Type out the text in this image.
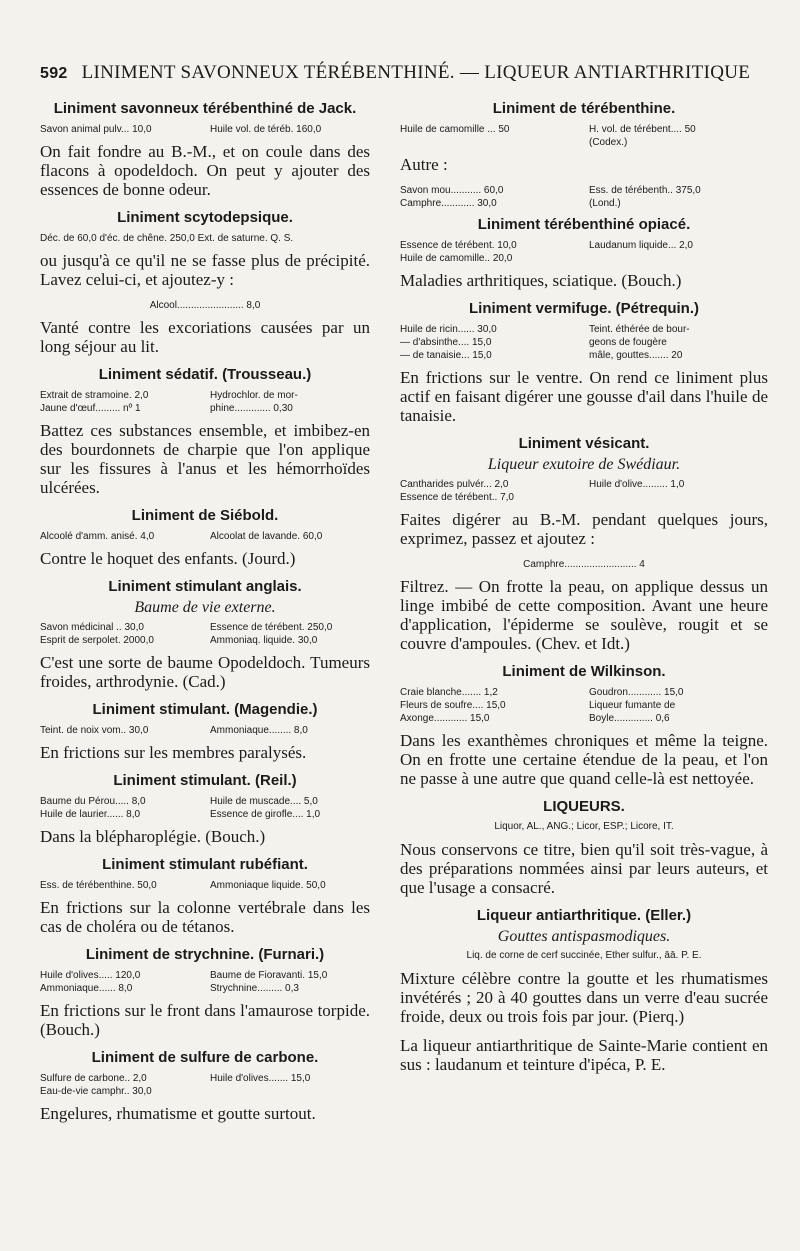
592 LINIMENT SAVONNEUX TÉRÉBENTHINÉ. — LIQUEUR ANTIARTHRITIQUE
Liniment savonneux térébenthiné de Jack.
Savon animal pulv... 10,0	Huile vol. de téréb. 160,0
On fait fondre au B.-M., et on coule dans des flacons à opodeldoch. On peut y ajouter des essences de bonne odeur.
Liniment scytodepsique.
Déc. de 60,0 d'éc. de chêne. 250,0 Ext. de saturne. Q. S.
ou jusqu'à ce qu'il ne se fasse plus de précipité. Lavez celui-ci, et ajoutez-y :
Alcool........................ 8,0
Vanté contre les excoriations causées par un long séjour au lit.
Liniment sédatif. (Trousseau.)
Extrait de stramoine. 2,0	Hydrochlor. de mor-
Jaune d'œuf......... nº 1	phine............. 0,30
Battez ces substances ensemble, et imbibez-en des bourdonnets de charpie que l'on applique sur les fissures à l'anus et les hémorrhoïdes ulcérées.
Liniment de Siébold.
Alcoolé d'amm. anisé. 4,0	Alcoolat de lavande. 60,0
Contre le hoquet des enfants. (Jourd.)
Liniment stimulant anglais.
Baume de vie externe.
Savon médicinal .. 30,0	Essence de térébent. 250,0
Esprit de serpolet. 2000,0	Ammoniaq. liquide. 30,0
C'est une sorte de baume Opodeldoch. Tumeurs froides, arthrodynie. (Cad.)
Liniment stimulant. (Magendie.)
Teint. de noix vom.. 30,0	Ammoniaque........ 8,0
En frictions sur les membres paralysés.
Liniment stimulant. (Reil.)
Baume du Pérou..... 8,0	Huile de muscade.... 5,0
Huile de laurier...... 8,0	Essence de girofle.... 1,0
Dans la blépharoplégie. (Bouch.)
Liniment stimulant rubéfiant.
Ess. de térébenthine. 50,0	Ammoniaque liquide. 50,0
En frictions sur la colonne vertébrale dans les cas de choléra ou de tétanos.
Liniment de strychnine. (Furnari.)
Huile d'olives..... 120,0	Baume de Fioravanti. 15,0
Ammoniaque...... 8,0	Strychnine......... 0,3
En frictions sur le front dans l'amaurose torpide. (Bouch.)
Liniment de sulfure de carbone.
Sulfure de carbone.. 2,0	Huile d'olives....... 15,0
Eau-de-vie camphr.. 30,0
Engelures, rhumatisme et goutte surtout.
Liniment de térébenthine.
Huile de camomille ... 50	H. vol. de térébent.... 50
(Codex.)
Autre :
Savon mou........... 60,0	Ess. de térébenth.. 375,0
Camphre............ 30,0	(Lond.)
Liniment térébenthiné opiacé.
Essence de térébent. 10,0	Laudanum liquide... 2,0
Huile de camomille.. 20,0
Maladies arthritiques, sciatique. (Bouch.)
Liniment vermifuge. (Pétrequin.)
Huile de ricin...... 30,0	Teint. éthérée de bour-
— d'absinthe.... 15,0	geons de fougère
— de tanaisie... 15,0	mâle, gouttes....... 20
En frictions sur le ventre. On rend ce liniment plus actif en faisant digérer une gousse d'ail dans l'huile de tanaisie.
Liniment vésicant.
Liqueur exutoire de Swédiaur.
Cantharides pulvér... 2,0	Huile d'olive......... 1,0
Essence de térébent.. 7,0
Faites digérer au B.-M. pendant quelques jours, exprimez, passez et ajoutez :
Camphre.......................... 4
Filtrez. — On frotte la peau, on applique dessus un linge imbibé de cette composition. Avant une heure d'application, l'épiderme se soulève, rougit et se couvre d'ampoules. (Chev. et Idt.)
Liniment de Wilkinson.
Craie blanche....... 1,2	Goudron............ 15,0
Fleurs de soufre.... 15,0	Liqueur fumante de
Axonge............ 15,0	Boyle.............. 0,6
Dans les exanthèmes chroniques et même la teigne. On en frotte une certaine étendue de la peau, et l'on ne passe à une autre que quand celle-là est nettoyée.
LIQUEURS.
Liquor, AL., ANG.; Licor, ESP.; Licore, IT.
Nous conservons ce titre, bien qu'il soit très-vague, à des préparations nommées ainsi par leurs auteurs, et que l'usage a consacré.
Liqueur antiarthritique. (Eller.)
Gouttes antispasmodiques.
Liq. de corne de cerf succinée, Ether sulfur., āā. P. E.
Mixture célèbre contre la goutte et les rhumatismes invétérés ; 20 à 40 gouttes dans un verre d'eau sucrée froide, deux ou trois fois par jour. (Pierq.)
La liqueur antiarthritique de Sainte-Marie contient en sus : laudanum et teinture d'ipéca, P. E.
